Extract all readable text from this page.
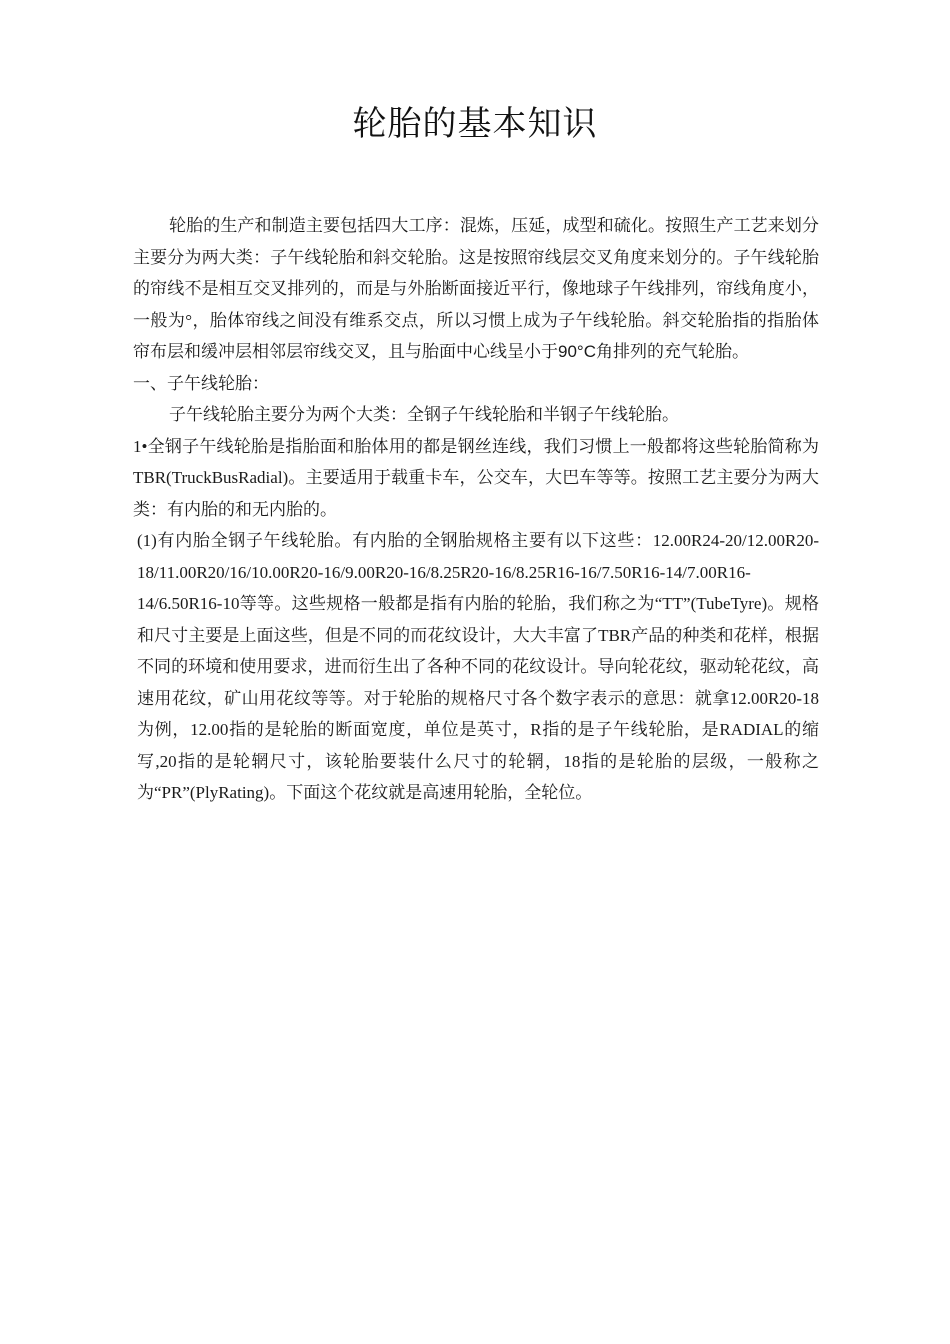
轮胎的基本知识

轮胎的生产和制造主要包括四大工序：混炼，压延，成型和硫化。按照生产工艺来划分主要分为两大类：子午线轮胎和斜交轮胎。这是按照帘线层交叉角度来划分的。子午线轮胎的帘线不是相互交叉排列的，而是与外胎断面接近平行，像地球子午线排列，帘线角度小，一般为°，胎体帘线之间没有维系交点，所以习惯上成为子午线轮胎。斜交轮胎指的指胎体帘布层和缓冲层相邻层帘线交叉，且与胎面中心线呈小于90°C角排列的充气轮胎。

一、子午线轮胎：

子午线轮胎主要分为两个大类：全钢子午线轮胎和半钢子午线轮胎。

1•全钢子午线轮胎是指胎面和胎体用的都是钢丝连线，我们习惯上一般都将这些轮胎简称为TBR(TruckBusRadial)。主要适用于载重卡车，公交车，大巴车等等。按照工艺主要分为两大类：有内胎的和无内胎的。

(1)有内胎全钢子午线轮胎。有内胎的全钢胎规格主要有以下这些：12.00R24-20/12.00R20-18/11.00R20/16/10.00R20-16/9.00R20-16/8.25R20-16/8.25R16-16/7.50R16-14/7.00R16-14/6.50R16-10等等。这些规格一般都是指有内胎的轮胎，我们称之为“TT”(TubeTyre)。规格和尺寸主要是上面这些，但是不同的而花纹设计，大大丰富了TBR产品的种类和花样，根据不同的环境和使用要求，进而衍生出了各种不同的花纹设计。导向轮花纹，驱动轮花纹，高速用花纹，矿山用花纹等等。对于轮胎的规格尺寸各个数字表示的意思：就拿12.00R20-18为例，12.00指的是轮胎的断面宽度，单位是英寸，R指的是子午线轮胎，是RADIAL的缩写,20指的是轮辋尺寸，该轮胎要装什么尺寸的轮辋，18指的是轮胎的层级，一般称之为“PR”(PlyRating)。下面这个花纹就是高速用轮胎，全轮位。
